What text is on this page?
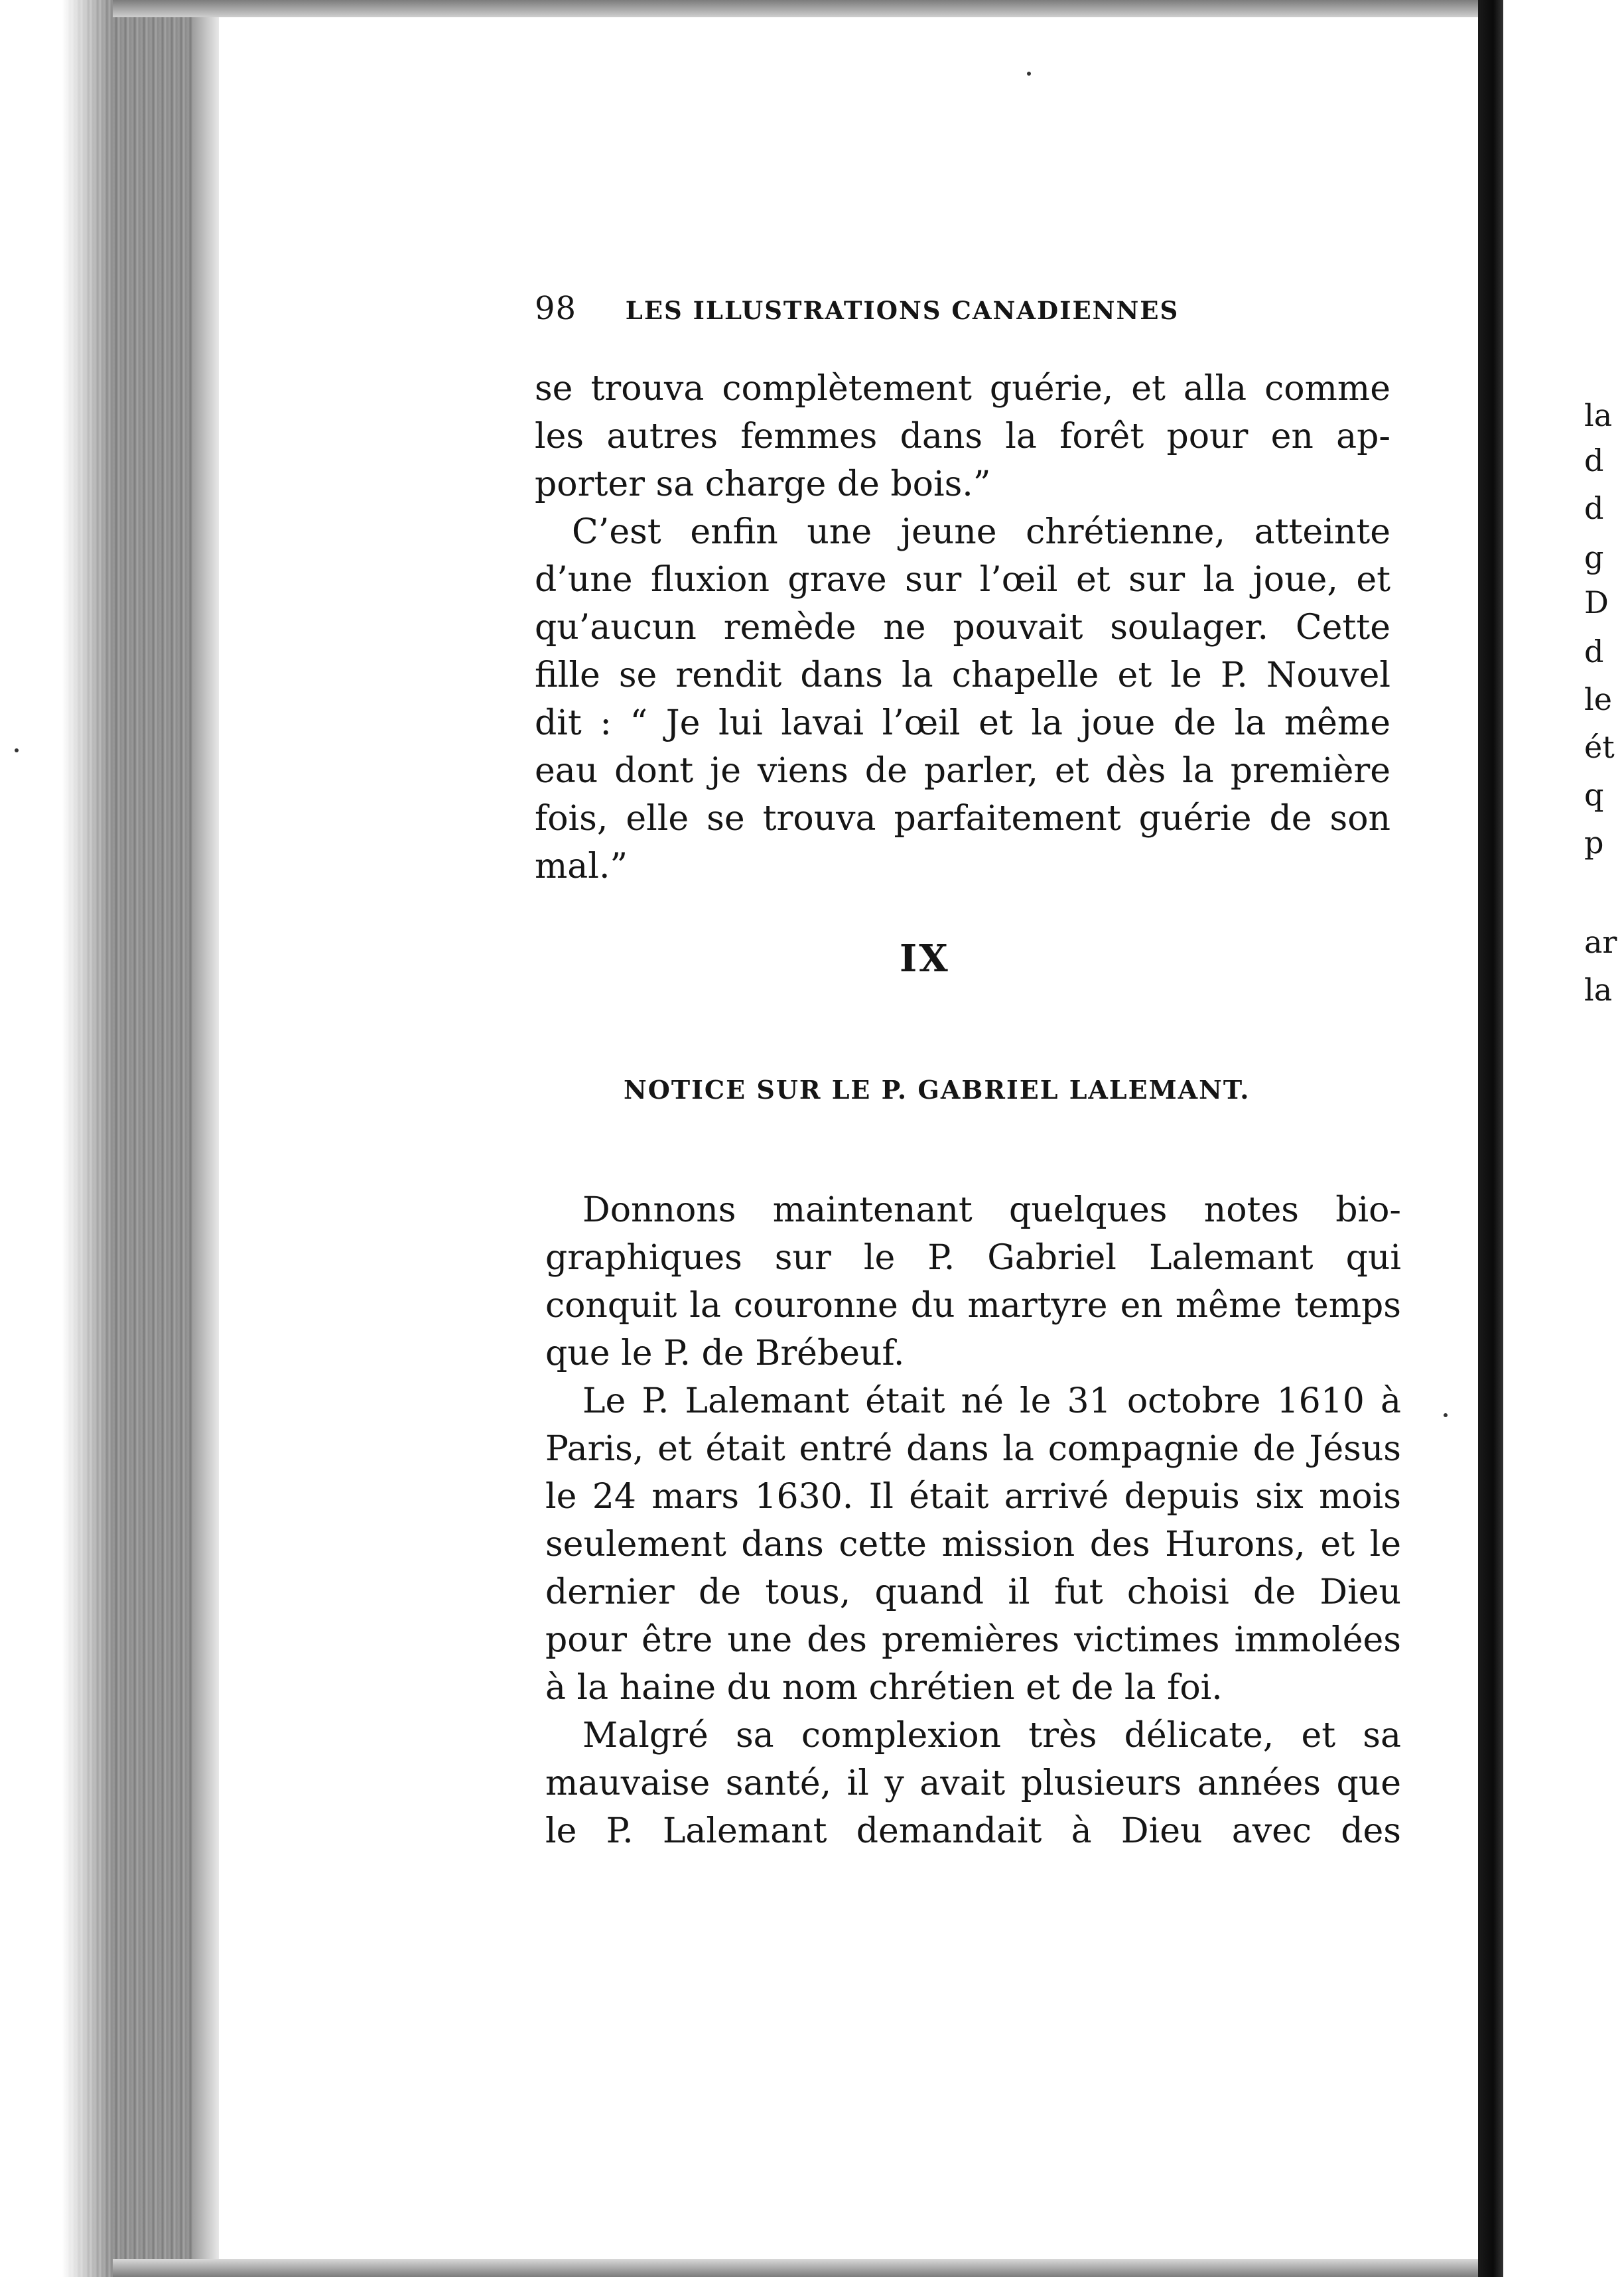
la
d
d
g
D
d
le
ét
q
p
ar
la
98 LES ILLUSTRATIONS CANADIENNES
se trouva complètement guérie, et alla comme
les autres femmes dans la forêt pour en ap-
porter sa charge de bois.”
C’est enfin une jeune chrétienne, atteinte
d’une fluxion grave sur l’œil et sur la joue, et
qu’aucun remède ne pouvait soulager. Cette
fille se rendit dans la chapelle et le P. Nouvel
dit : “ Je lui lavai l’œil et la joue de la même
eau dont je viens de parler, et dès la première
fois, elle se trouva parfaitement guérie de son
mal.”
IX
NOTICE SUR LE P. GABRIEL LALEMANT.
Donnons maintenant quelques notes bio-
graphiques sur le P. Gabriel Lalemant qui
conquit la couronne du martyre en même temps
que le P. de Brébeuf.
Le P. Lalemant était né le 31 octobre 1610 à
Paris, et était entré dans la compagnie de Jésus
le 24 mars 1630. Il était arrivé depuis six mois
seulement dans cette mission des Hurons, et le
dernier de tous, quand il fut choisi de Dieu
pour être une des premières victimes immolées
à la haine du nom chrétien et de la foi.
Malgré sa complexion très délicate, et sa
mauvaise santé, il y avait plusieurs années que
le P. Lalemant demandait à Dieu avec des
